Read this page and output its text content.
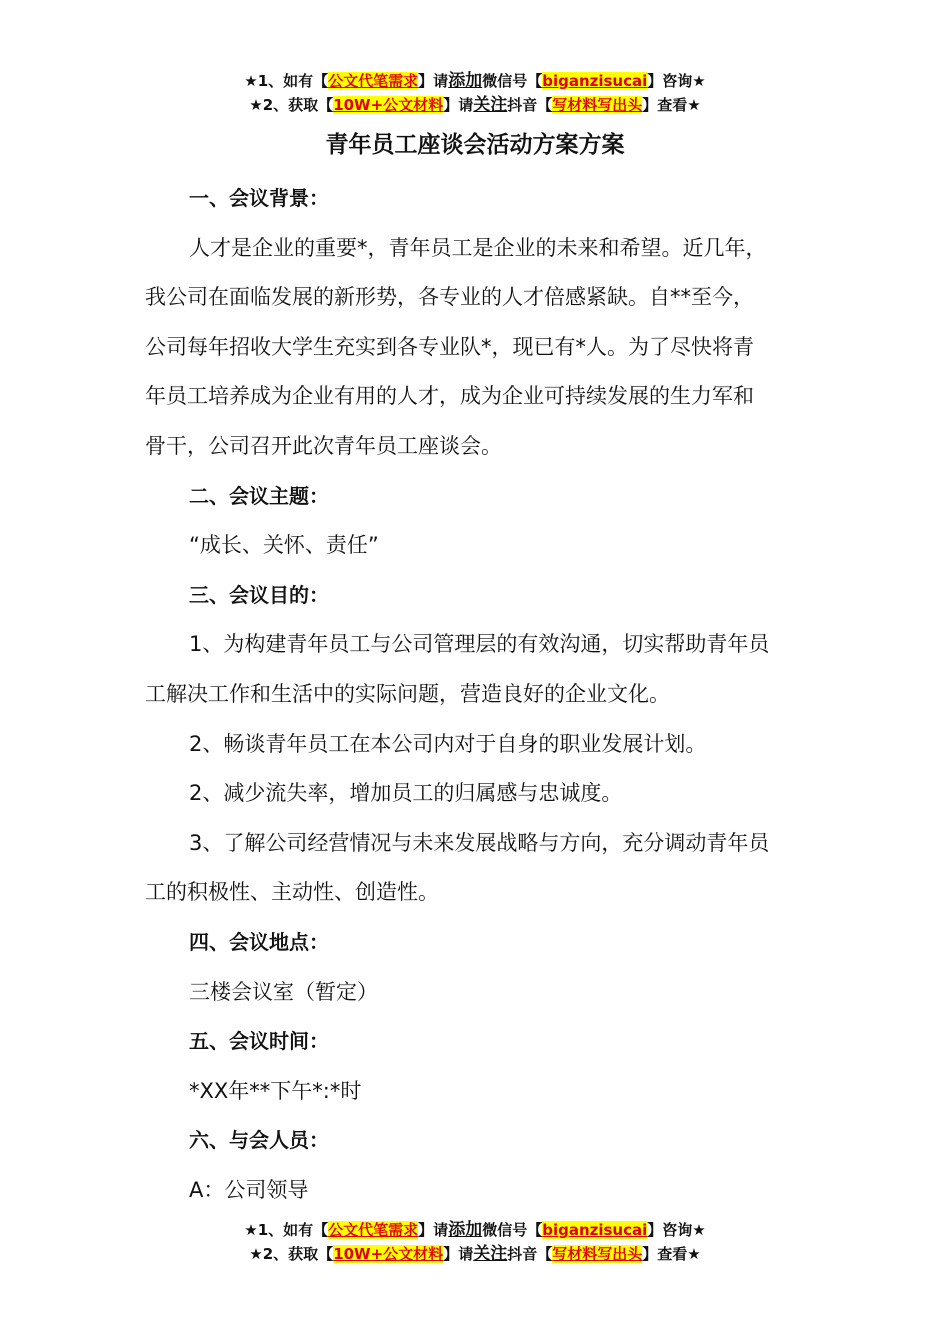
★1、如有【公文代笔需求】请添加微信号【biganzisucai】咨询★
★2、获取【10W+公文材料】请关注抖音【写材料写出头】查看★
青年员工座谈会活动方案方案

一、会议背景：

人才是企业的重要*，青年员工是企业的未来和希望。近几年，

我公司在面临发展的新形势，各专业的人才倍感紧缺。自**至今，

公司每年招收大学生充实到各专业队*，现已有*人。为了尽快将青

年员工培养成为企业有用的人才，成为企业可持续发展的生力军和

骨干，公司召开此次青年员工座谈会。

二、会议主题：

“成长、关怀、责任”

三、会议目的：

1、为构建青年员工与公司管理层的有效沟通，切实帮助青年员

工解决工作和生活中的实际问题，营造良好的企业文化。

2、畅谈青年员工在本公司内对于自身的职业发展计划。

2、减少流失率，增加员工的归属感与忠诚度。

3、了解公司经营情况与未来发展战略与方向，充分调动青年员

工的积极性、主动性、创造性。

四、会议地点：

三楼会议室（暂定）

五、会议时间：

*XX年**下午*:*时

六、与会人员：

A：公司领导

★1、如有【公文代笔需求】请添加微信号【biganzisucai】咨询★
★2、获取【10W+公文材料】请关注抖音【写材料写出头】查看★
